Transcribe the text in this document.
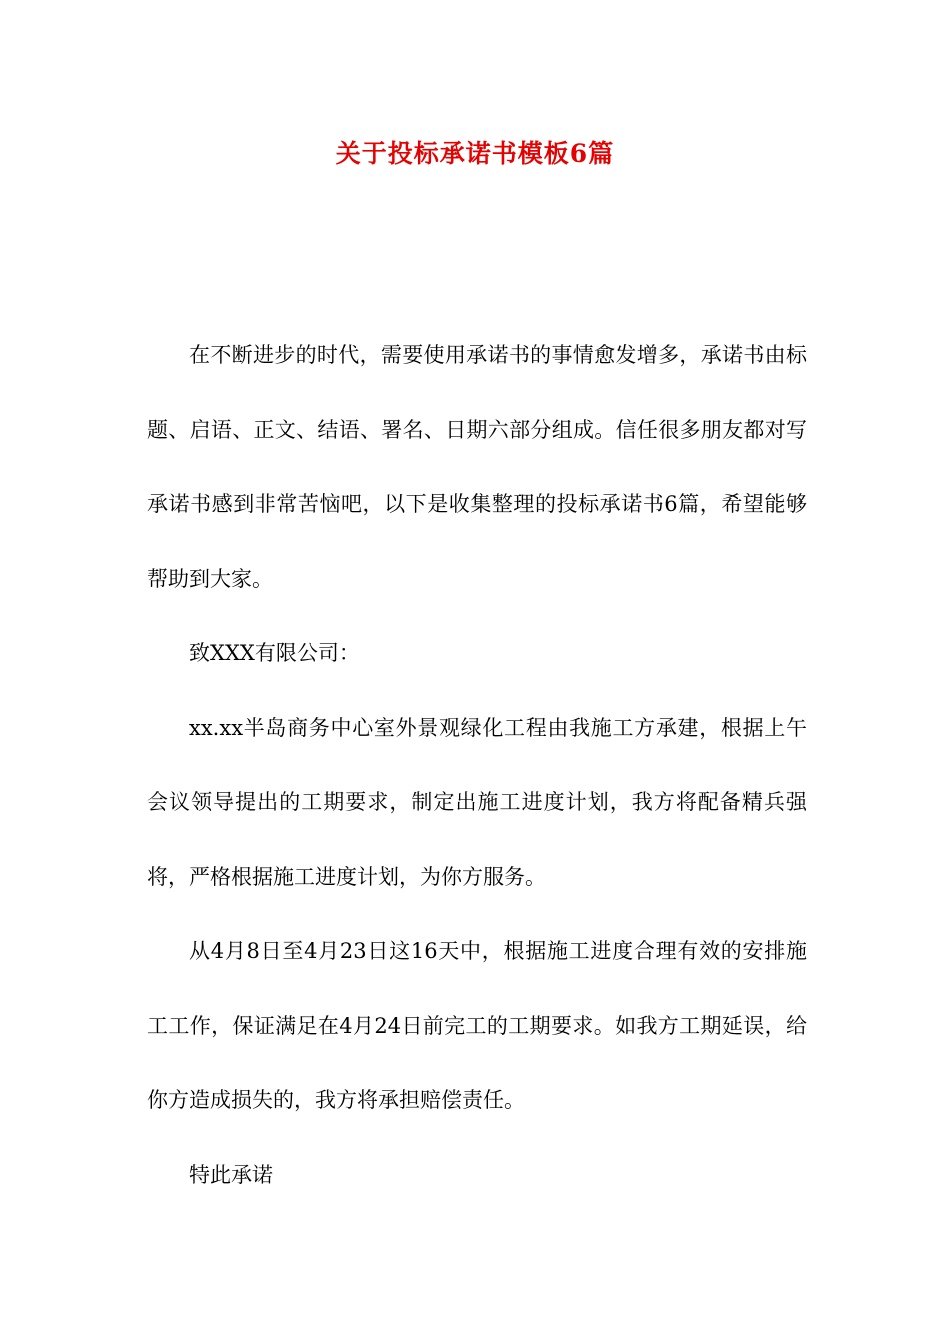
关于投标承诺书模板6篇

在不断进步的时代，需要使用承诺书的事情愈发增多，承诺书由标题、启语、正文、结语、署名、日期六部分组成。信任很多朋友都对写承诺书感到非常苦恼吧，以下是收集整理的投标承诺书6篇，希望能够帮助到大家。

致XXX有限公司：

xx.xx半岛商务中心室外景观绿化工程由我施工方承建，根据上午会议领导提出的工期要求，制定出施工进度计划，我方将配备精兵强将，严格根据施工进度计划，为你方服务。

从4月8日至4月23日这16天中，根据施工进度合理有效的安排施工工作，保证满足在4月24日前完工的工期要求。如我方工期延误，给你方造成损失的，我方将承担赔偿责任。

特此承诺
